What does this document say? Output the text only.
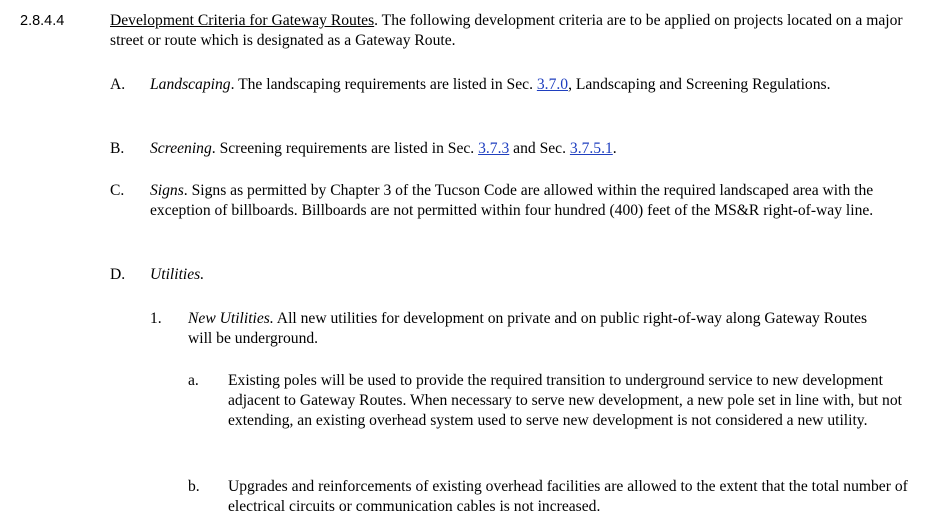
2.8.4.4	Development Criteria for Gateway Routes. The following development criteria are to be applied on projects located on a major street or route which is designated as a Gateway Route.
A.	Landscaping. The landscaping requirements are listed in Sec. 3.7.0, Landscaping and Screening Regulations.
B.	Screening. Screening requirements are listed in Sec. 3.7.3 and Sec. 3.7.5.1.
C.	Signs. Signs as permitted by Chapter 3 of the Tucson Code are allowed within the required landscaped area with the exception of billboards. Billboards are not permitted within four hundred (400) feet of the MS&R right-of-way line.
D.	Utilities.
1.	New Utilities. All new utilities for development on private and on public right-of-way along Gateway Routes will be underground.
a.	Existing poles will be used to provide the required transition to underground service to new development adjacent to Gateway Routes. When necessary to serve new development, a new pole set in line with, but not extending, an existing overhead system used to serve new development is not considered a new utility.
b.	Upgrades and reinforcements of existing overhead facilities are allowed to the extent that the total number of electrical circuits or communication cables is not increased.
